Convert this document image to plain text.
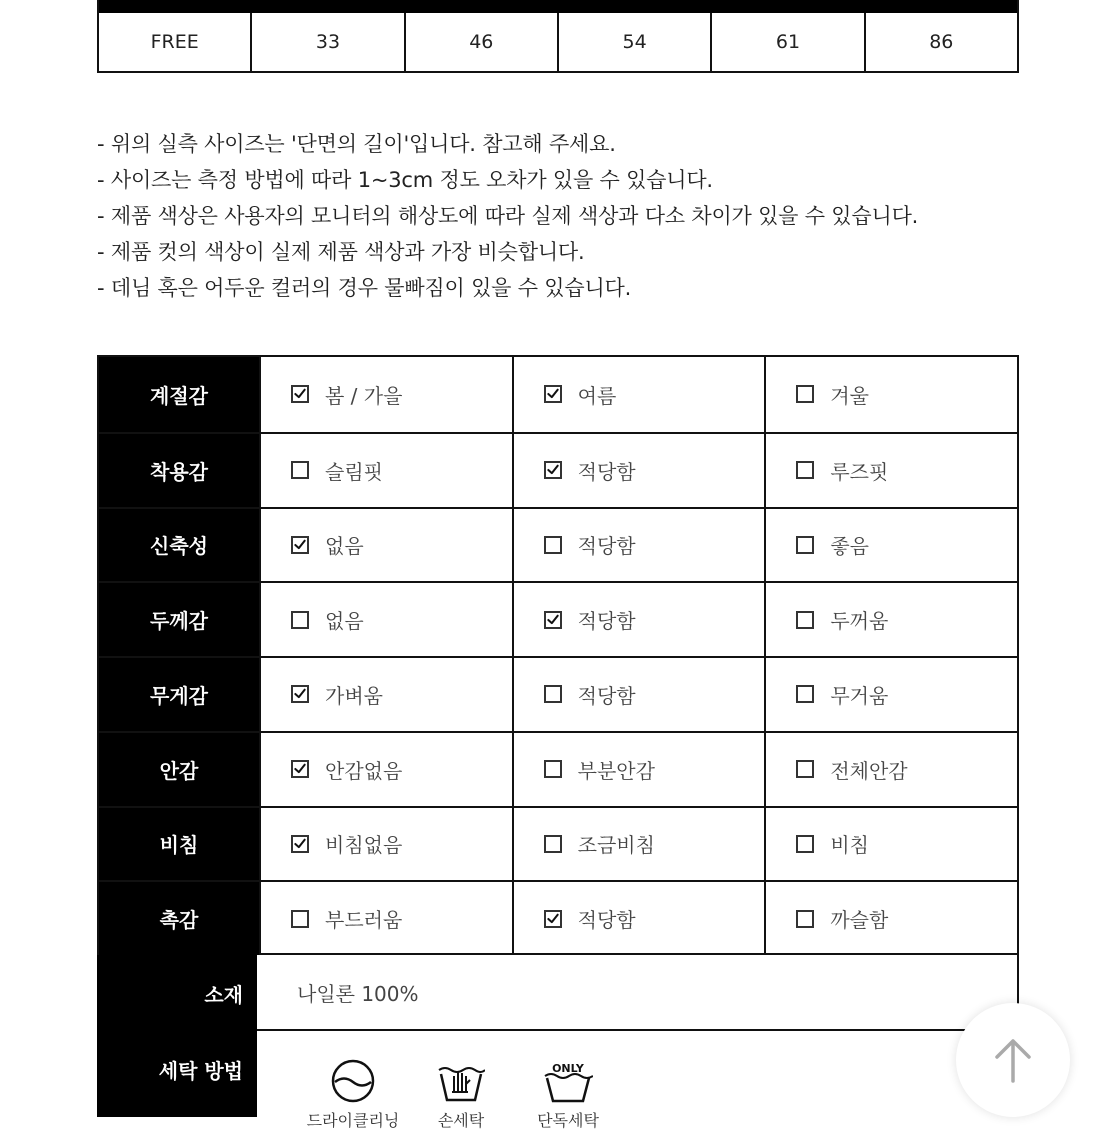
FREE	33	46	54	61	86
- 위의 실측 사이즈는 '단면의 길이'입니다. 참고해 주세요.
- 사이즈는 측정 방법에 따라 1~3cm 정도 오차가 있을 수 있습니다.
- 제품 색상은 사용자의 모니터의 해상도에 따라 실제 색상과 다소 차이가 있을 수 있습니다.
- 제품 컷의 색상이 실제 제품 색상과 가장 비슷합니다.
- 데님 혹은 어두운 컬러의 경우 물빠짐이 있을 수 있습니다.
계절감	봄 / 가을	여름	겨울
착용감	슬림핏	적당함	루즈핏
신축성	없음	적당함	좋음
두께감	없음	적당함	두꺼움
무게감	가벼움	적당함	무거움
안감	안감없음	부분안감	전체안감
비침	비침없음	조금비침	비침
촉감	부드러움	적당함	까슬함
소재	나일론 100%
세탁 방법
드라이클리닝	손세탁
ONLY
단독세탁
